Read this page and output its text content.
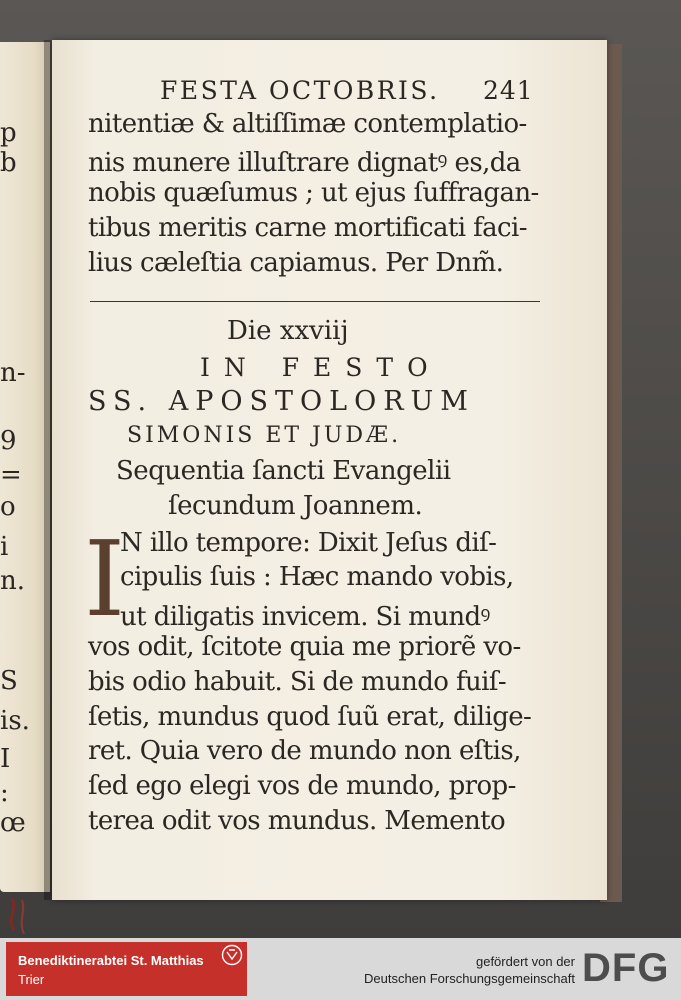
p
b
n-
9
=
o
i
n.
S
is.
I
:
œ
FESTA OCTOBRIS. 241
nitentiæ & altiſſimæ contemplatio-
nis munere illuſtrare dignatꝰ es,da
nobis quæſumus ; ut ejus ſuffragan-
tibus meritis carne mortificati faci-
lius cæleſtia capiamus. Per Dnm̃.
Die xxviij
IN FESTO
SS. APOSTOLORUM
SIMONIS ET JUDÆ.
Sequentia ſancti Evangelii
ſecundum Joannem.
I
N illo tempore: Dixit Jeſus diſ-
cipulis ſuis : Hæc mando vobis,
ut diligatis invicem. Si mundꝰ
vos odit, ſcitote quia me priorẽ vo-
bis odio habuit. Si de mundo fuiſ-
ſetis, mundus quod ſuũ erat, dilige-
ret. Quia vero de mundo non eſtis,
ſed ego elegi vos de mundo, prop-
terea odit vos mundus. Memento
Benediktinerabtei St. Matthias
Trier
gefördert von der
Deutschen Forschungsgemeinschaft DFG
